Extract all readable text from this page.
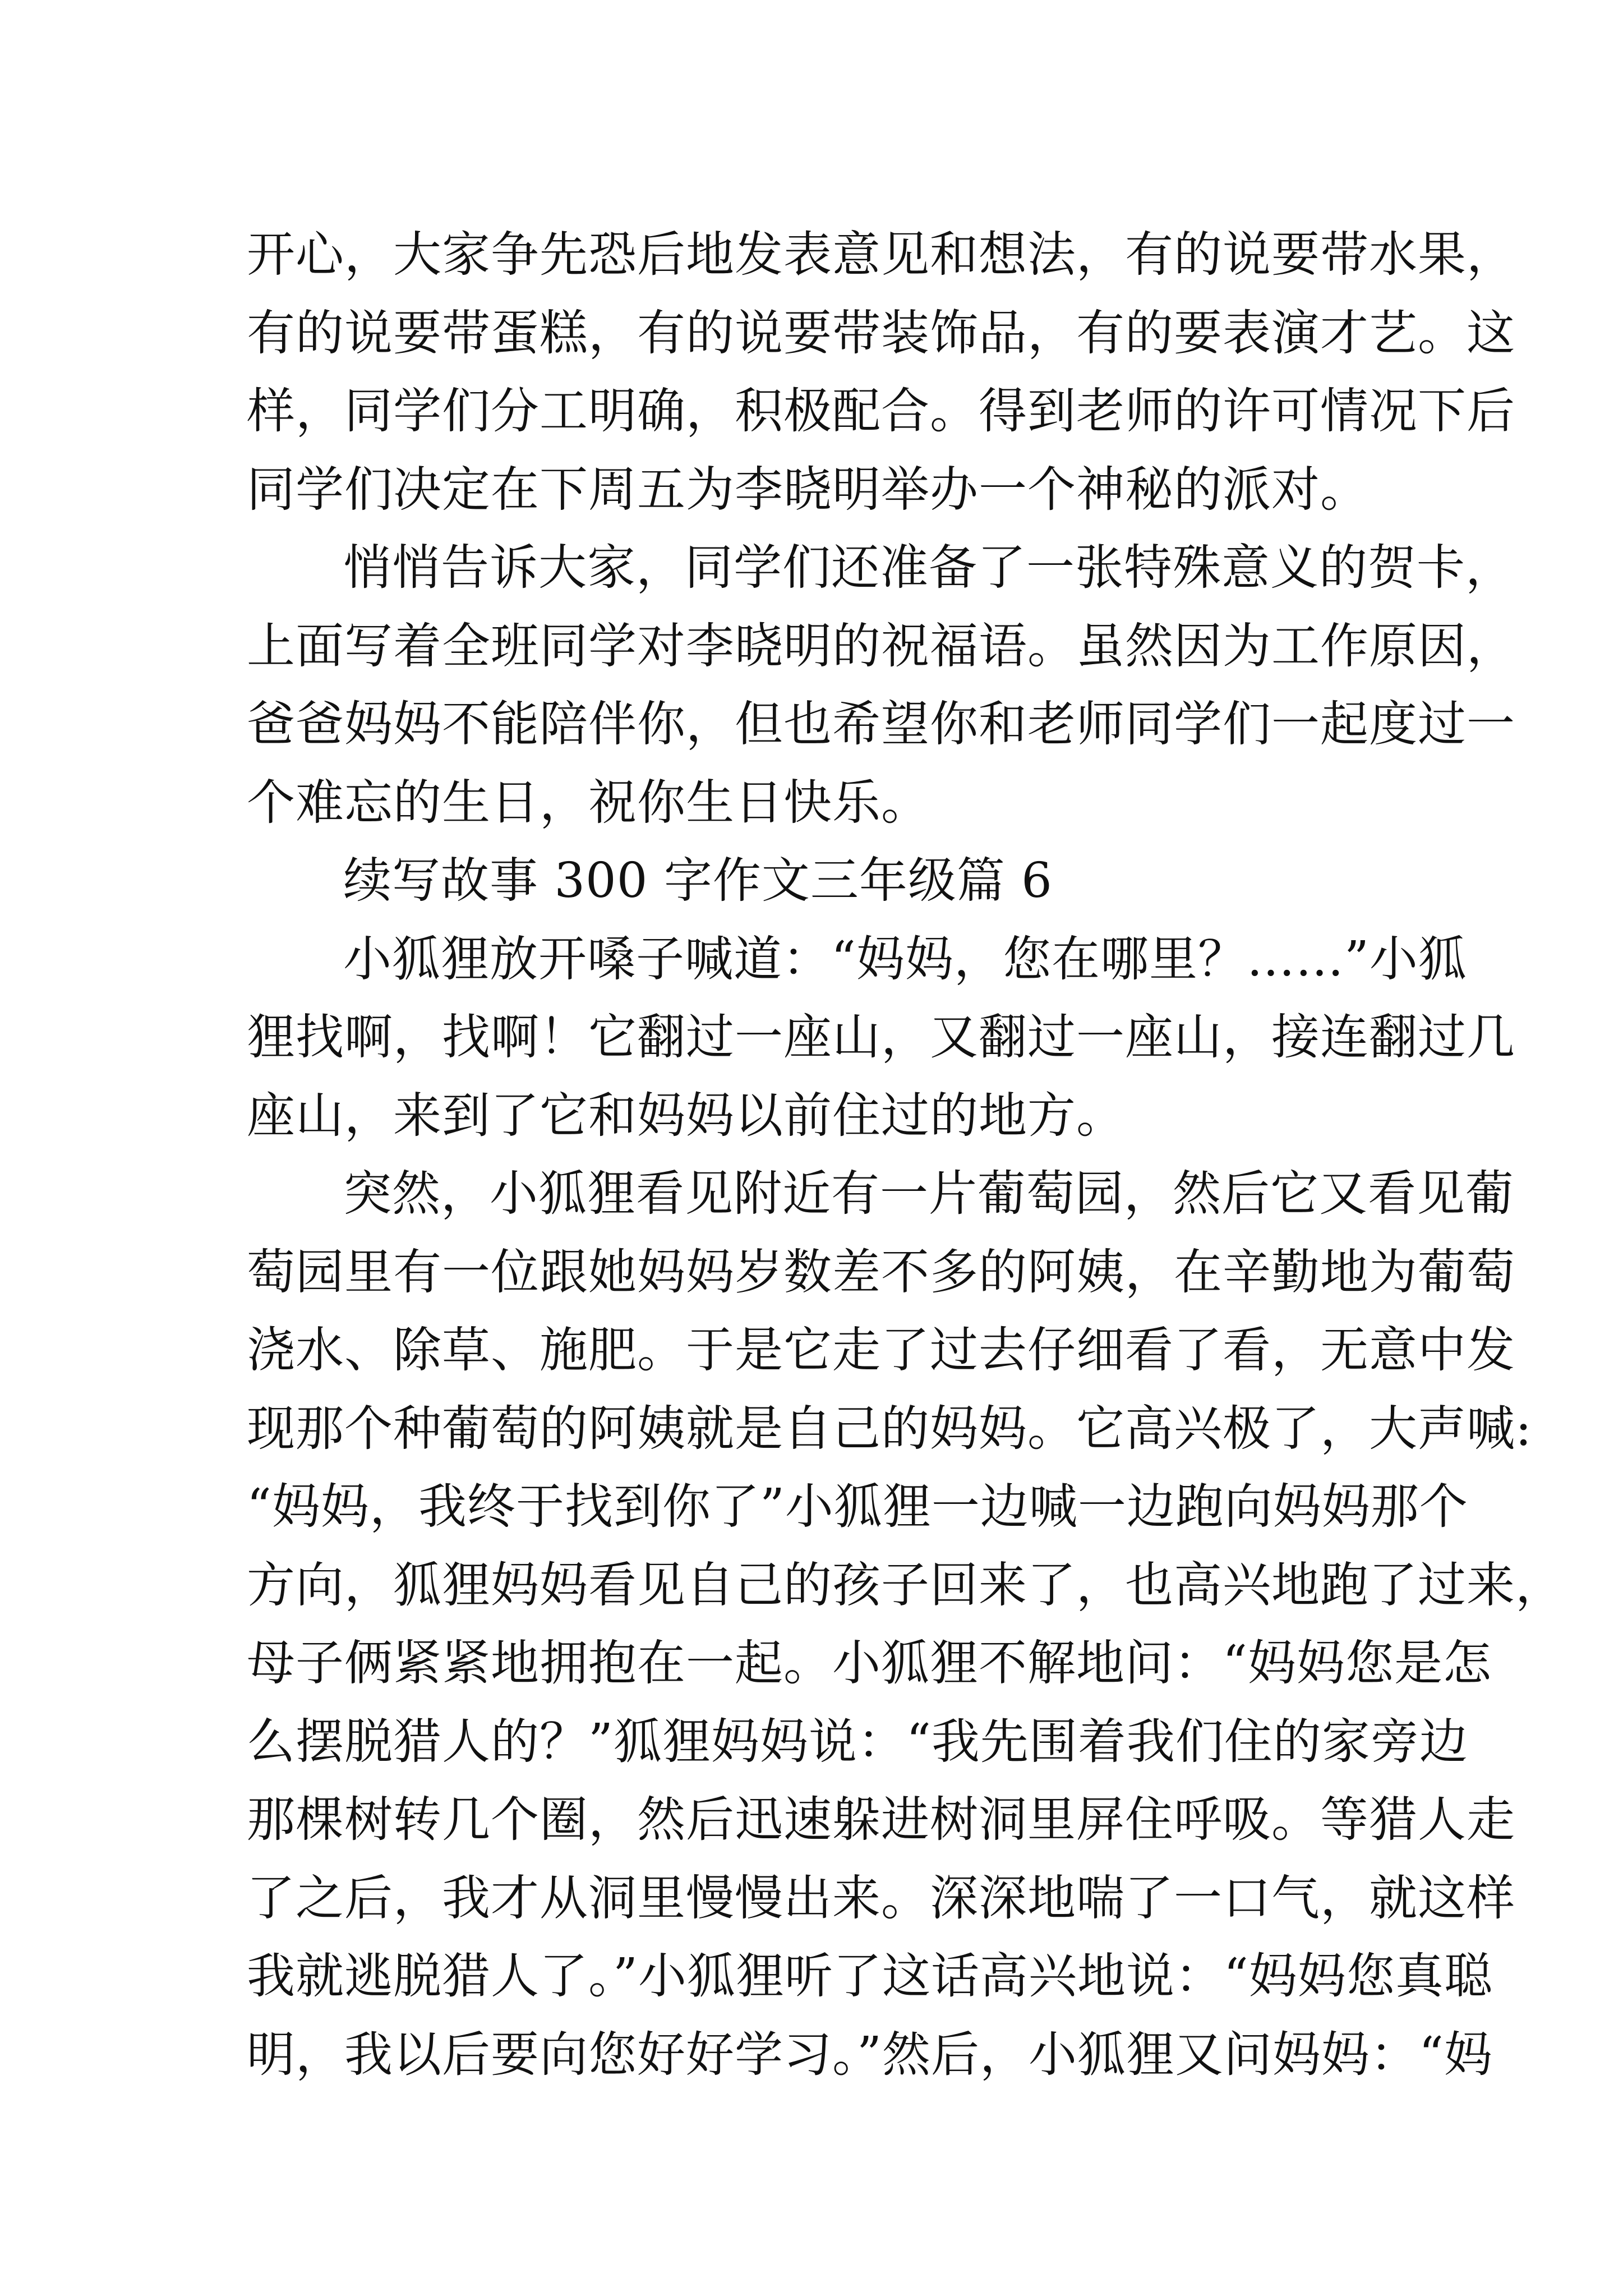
开心，大家争先恐后地发表意见和想法，有的说要带水果，
有的说要带蛋糕，有的说要带装饰品，有的要表演才艺。这
样，同学们分工明确，积极配合。得到老师的许可情况下后
同学们决定在下周五为李晓明举办一个神秘的派对。
悄悄告诉大家，同学们还准备了一张特殊意义的贺卡，
上面写着全班同学对李晓明的祝福语。虽然因为工作原因，
爸爸妈妈不能陪伴你，但也希望你和老师同学们一起度过一
个难忘的生日，祝你生日快乐。
续写故事 300 字作文三年级篇 6
小狐狸放开嗓子喊道：“妈妈，您在哪里？……”小狐
狸找啊，找啊！它翻过一座山，又翻过一座山，接连翻过几
座山，来到了它和妈妈以前住过的地方。
突然，小狐狸看见附近有一片葡萄园，然后它又看见葡
萄园里有一位跟她妈妈岁数差不多的阿姨，在辛勤地为葡萄
浇水、除草、施肥。于是它走了过去仔细看了看，无意中发
现那个种葡萄的阿姨就是自己的妈妈。它高兴极了，大声喊:
“妈妈，我终于找到你了”小狐狸一边喊一边跑向妈妈那个
方向，狐狸妈妈看见自己的孩子回来了，也高兴地跑了过来，
母子俩紧紧地拥抱在一起。小狐狸不解地问：“妈妈您是怎
么摆脱猎人的？”狐狸妈妈说：“我先围着我们住的家旁边
那棵树转几个圈，然后迅速躲进树洞里屏住呼吸。等猎人走
了之后，我才从洞里慢慢出来。深深地喘了一口气，就这样
我就逃脱猎人了。”小狐狸听了这话高兴地说：“妈妈您真聪
明，我以后要向您好好学习。”然后，小狐狸又问妈妈：“妈
